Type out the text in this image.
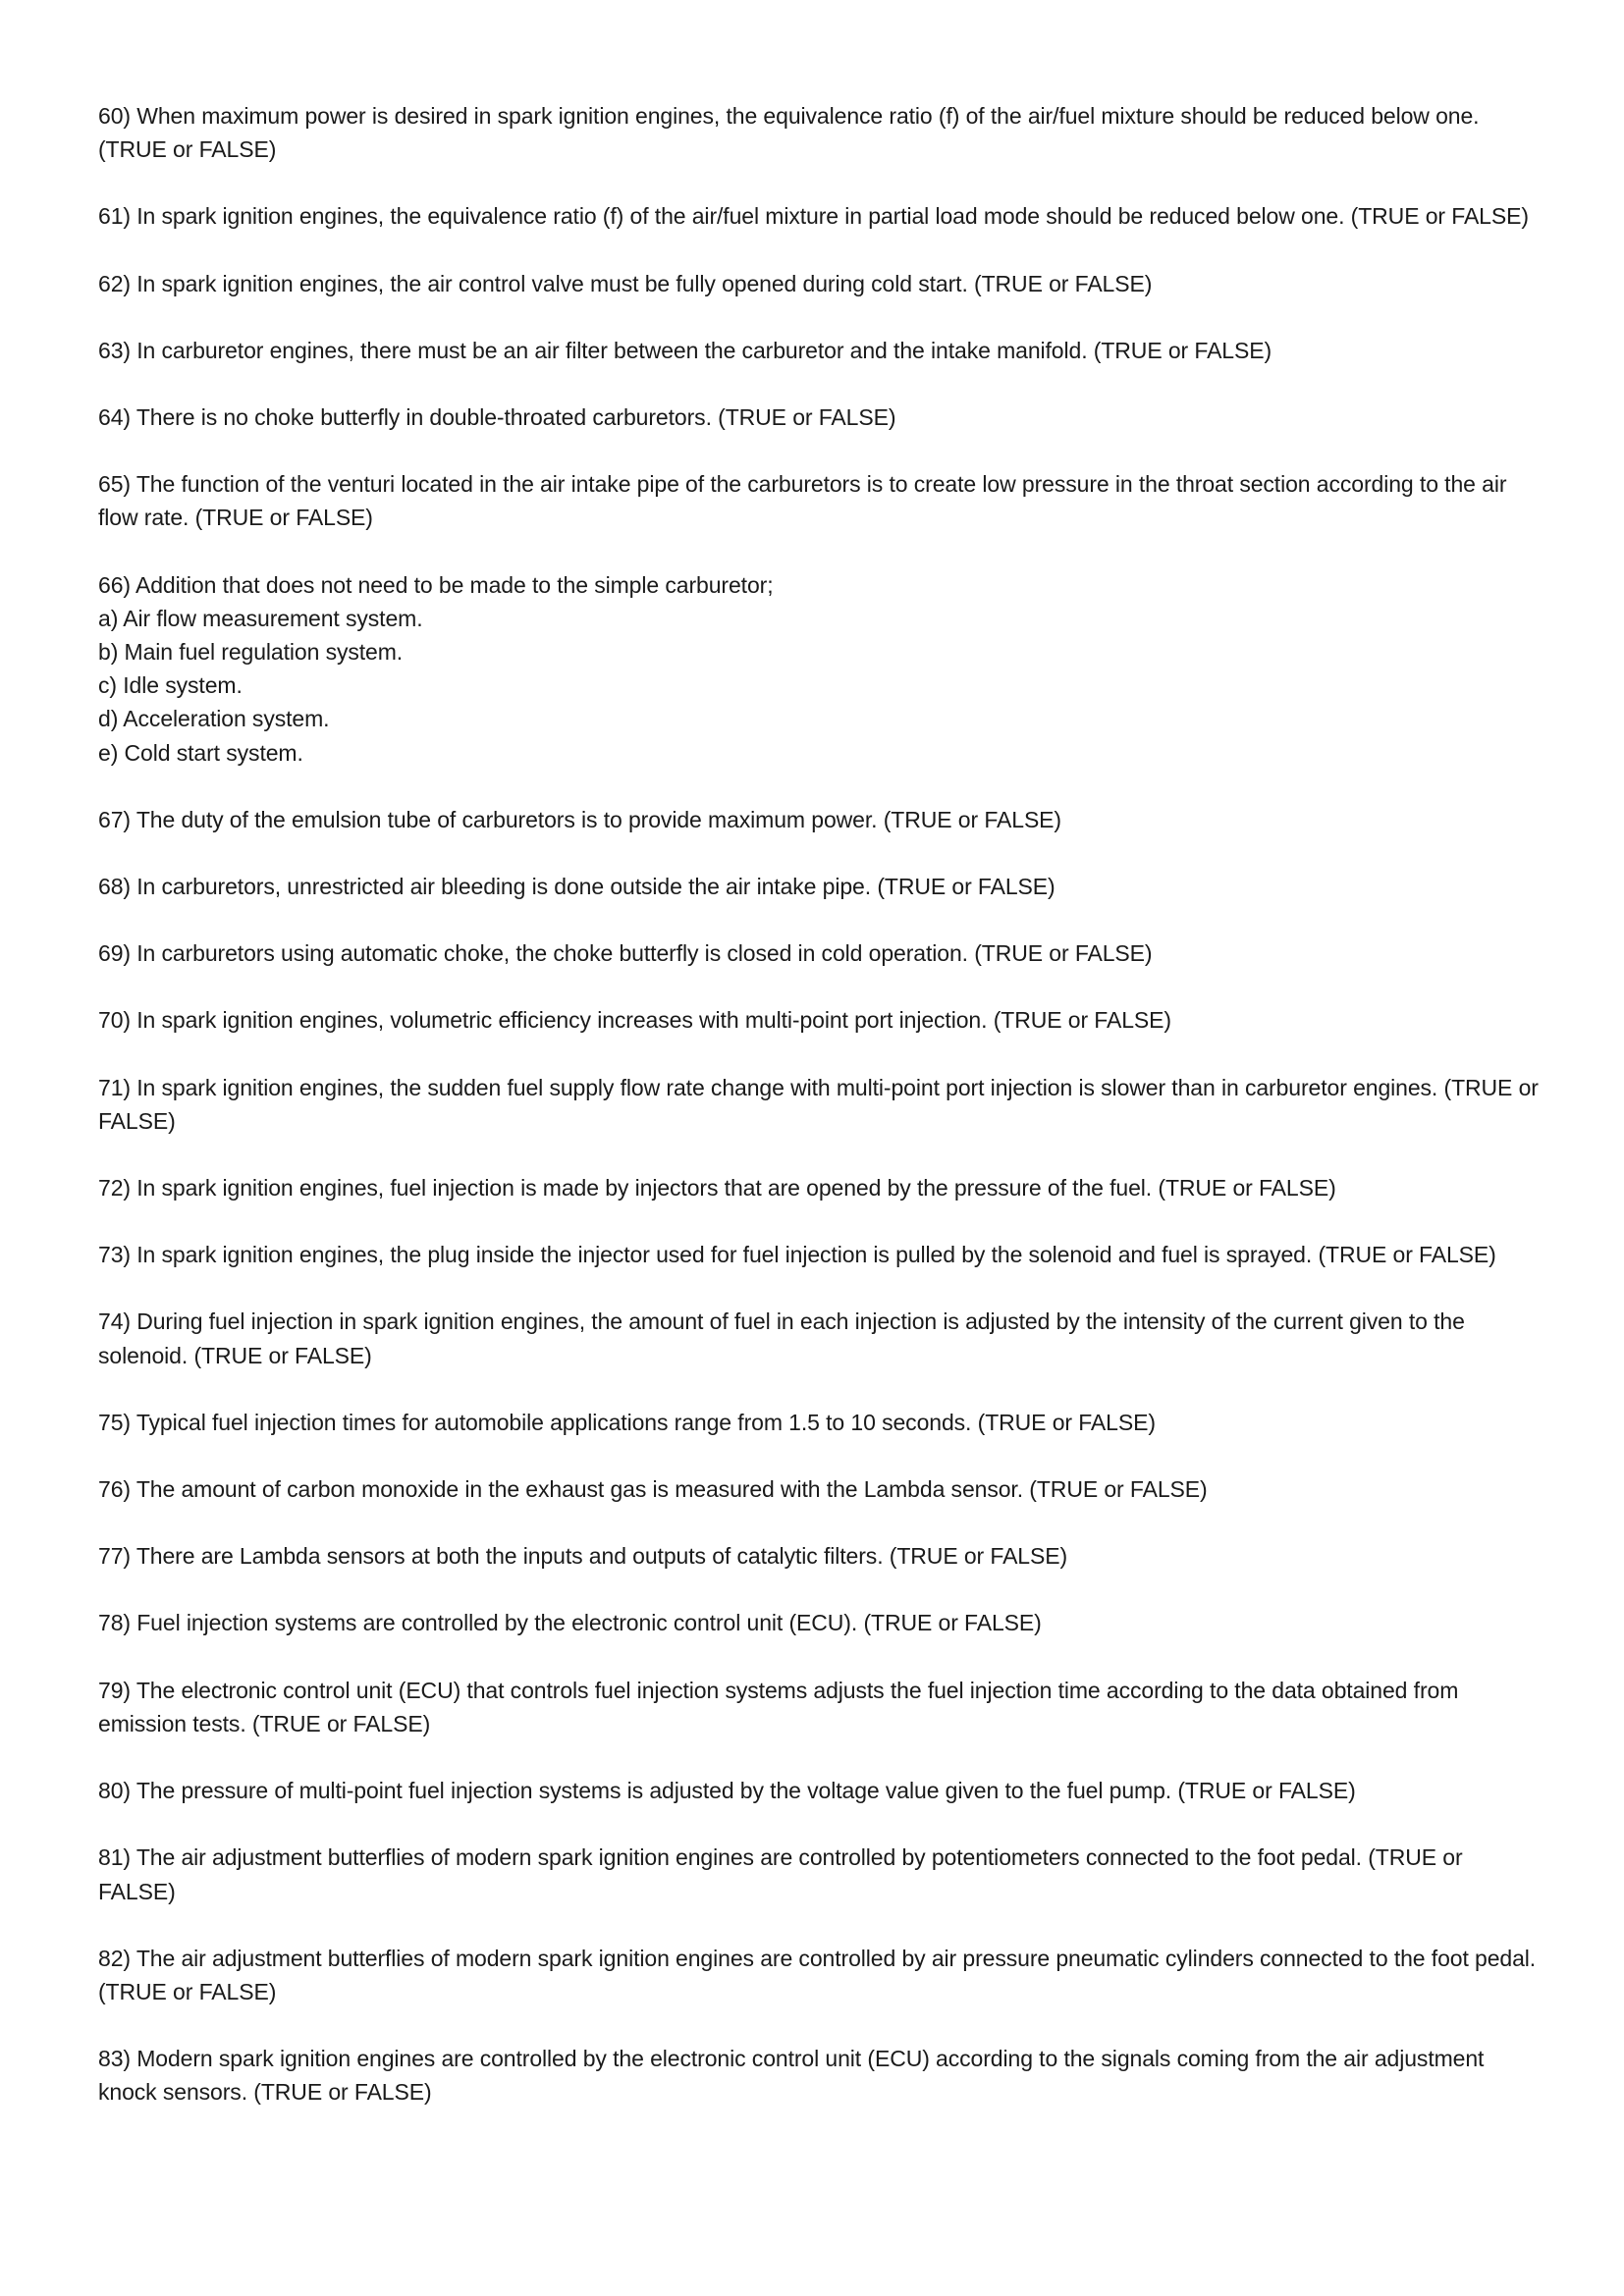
60) When maximum power is desired in spark ignition engines, the equivalence ratio (f) of the air/fuel mixture should be reduced below one. (TRUE or FALSE)
61) In spark ignition engines, the equivalence ratio (f) of the air/fuel mixture in partial load mode should be reduced below one. (TRUE or FALSE)
62) In spark ignition engines, the air control valve must be fully opened during cold start. (TRUE or FALSE)
63) In carburetor engines, there must be an air filter between the carburetor and the intake manifold. (TRUE or FALSE)
64) There is no choke butterfly in double-throated carburetors. (TRUE or FALSE)
65) The function of the venturi located in the air intake pipe of the carburetors is to create low pressure in the throat section according to the air flow rate. (TRUE or FALSE)
66) Addition that does not need to be made to the simple carburetor;
a) Air flow measurement system.
b) Main fuel regulation system.
c) Idle system.
d) Acceleration system.
e) Cold start system.
67) The duty of the emulsion tube of carburetors is to provide maximum power. (TRUE or FALSE)
68) In carburetors, unrestricted air bleeding is done outside the air intake pipe. (TRUE or FALSE)
69) In carburetors using automatic choke, the choke butterfly is closed in cold operation. (TRUE or FALSE)
70) In spark ignition engines, volumetric efficiency increases with multi-point port injection. (TRUE or FALSE)
71) In spark ignition engines, the sudden fuel supply flow rate change with multi-point port injection is slower than in carburetor engines. (TRUE or FALSE)
72) In spark ignition engines, fuel injection is made by injectors that are opened by the pressure of the fuel. (TRUE or FALSE)
73) In spark ignition engines, the plug inside the injector used for fuel injection is pulled by the solenoid and fuel is sprayed. (TRUE or FALSE)
74) During fuel injection in spark ignition engines, the amount of fuel in each injection is adjusted by the intensity of the current given to the solenoid. (TRUE or FALSE)
75) Typical fuel injection times for automobile applications range from 1.5 to 10 seconds. (TRUE or FALSE)
76) The amount of carbon monoxide in the exhaust gas is measured with the Lambda sensor. (TRUE or FALSE)
77) There are Lambda sensors at both the inputs and outputs of catalytic filters. (TRUE or FALSE)
78) Fuel injection systems are controlled by the electronic control unit (ECU). (TRUE or FALSE)
79) The electronic control unit (ECU) that controls fuel injection systems adjusts the fuel injection time according to the data obtained from emission tests. (TRUE or FALSE)
80) The pressure of multi-point fuel injection systems is adjusted by the voltage value given to the fuel pump. (TRUE or FALSE)
81) The air adjustment butterflies of modern spark ignition engines are controlled by potentiometers connected to the foot pedal. (TRUE or FALSE)
82) The air adjustment butterflies of modern spark ignition engines are controlled by air pressure pneumatic cylinders connected to the foot pedal. (TRUE or FALSE)
83) Modern spark ignition engines are controlled by the electronic control unit (ECU) according to the signals coming from the air adjustment knock sensors. (TRUE or FALSE)
